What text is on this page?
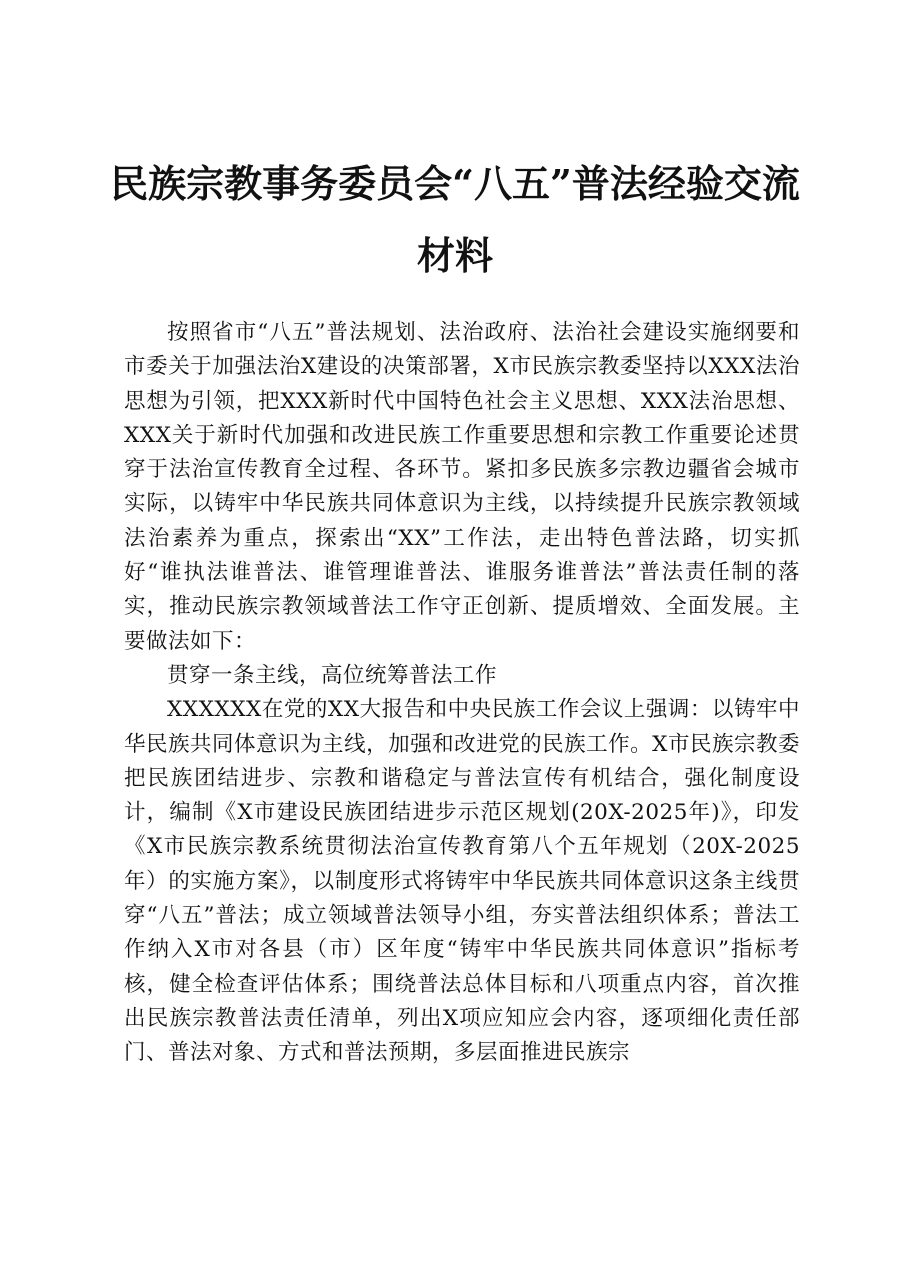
民族宗教事务委员会“八五”普法经验交流材料

按照省市“八五”普法规划、法治政府、法治社会建设实施纲要和市委关于加强法治X建设的决策部署，X市民族宗教委坚持以XXX法治思想为引领，把XXX新时代中国特色社会主义思想、XXX法治思想、XXX关于新时代加强和改进民族工作重要思想和宗教工作重要论述贯穿于法治宣传教育全过程、各环节。紧扣多民族多宗教边疆省会城市实际，以铸牢中华民族共同体意识为主线，以持续提升民族宗教领域法治素养为重点，探索出“XX”工作法，走出特色普法路，切实抓好“谁执法谁普法、谁管理谁普法、谁服务谁普法”普法责任制的落实，推动民族宗教领域普法工作守正创新、提质增效、全面发展。主要做法如下：

贯穿一条主线，高位统筹普法工作

XXXXXX在党的XX大报告和中央民族工作会议上强调：以铸牢中华民族共同体意识为主线，加强和改进党的民族工作。X市民族宗教委把民族团结进步、宗教和谐稳定与普法宣传有机结合，强化制度设计，编制《X市建设民族团结进步示范区规划(20X-2025年)》，印发《X市民族宗教系统贯彻法治宣传教育第八个五年规划（20X-2025年）的实施方案》，以制度形式将铸牢中华民族共同体意识这条主线贯穿“八五”普法；成立领域普法领导小组，夯实普法组织体系；普法工作纳入X市对各县（市）区年度“铸牢中华民族共同体意识”指标考核，健全检查评估体系；围绕普法总体目标和八项重点内容，首次推出民族宗教普法责任清单，列出X项应知应会内容，逐项细化责任部门、普法对象、方式和普法预期，多层面推进民族宗
